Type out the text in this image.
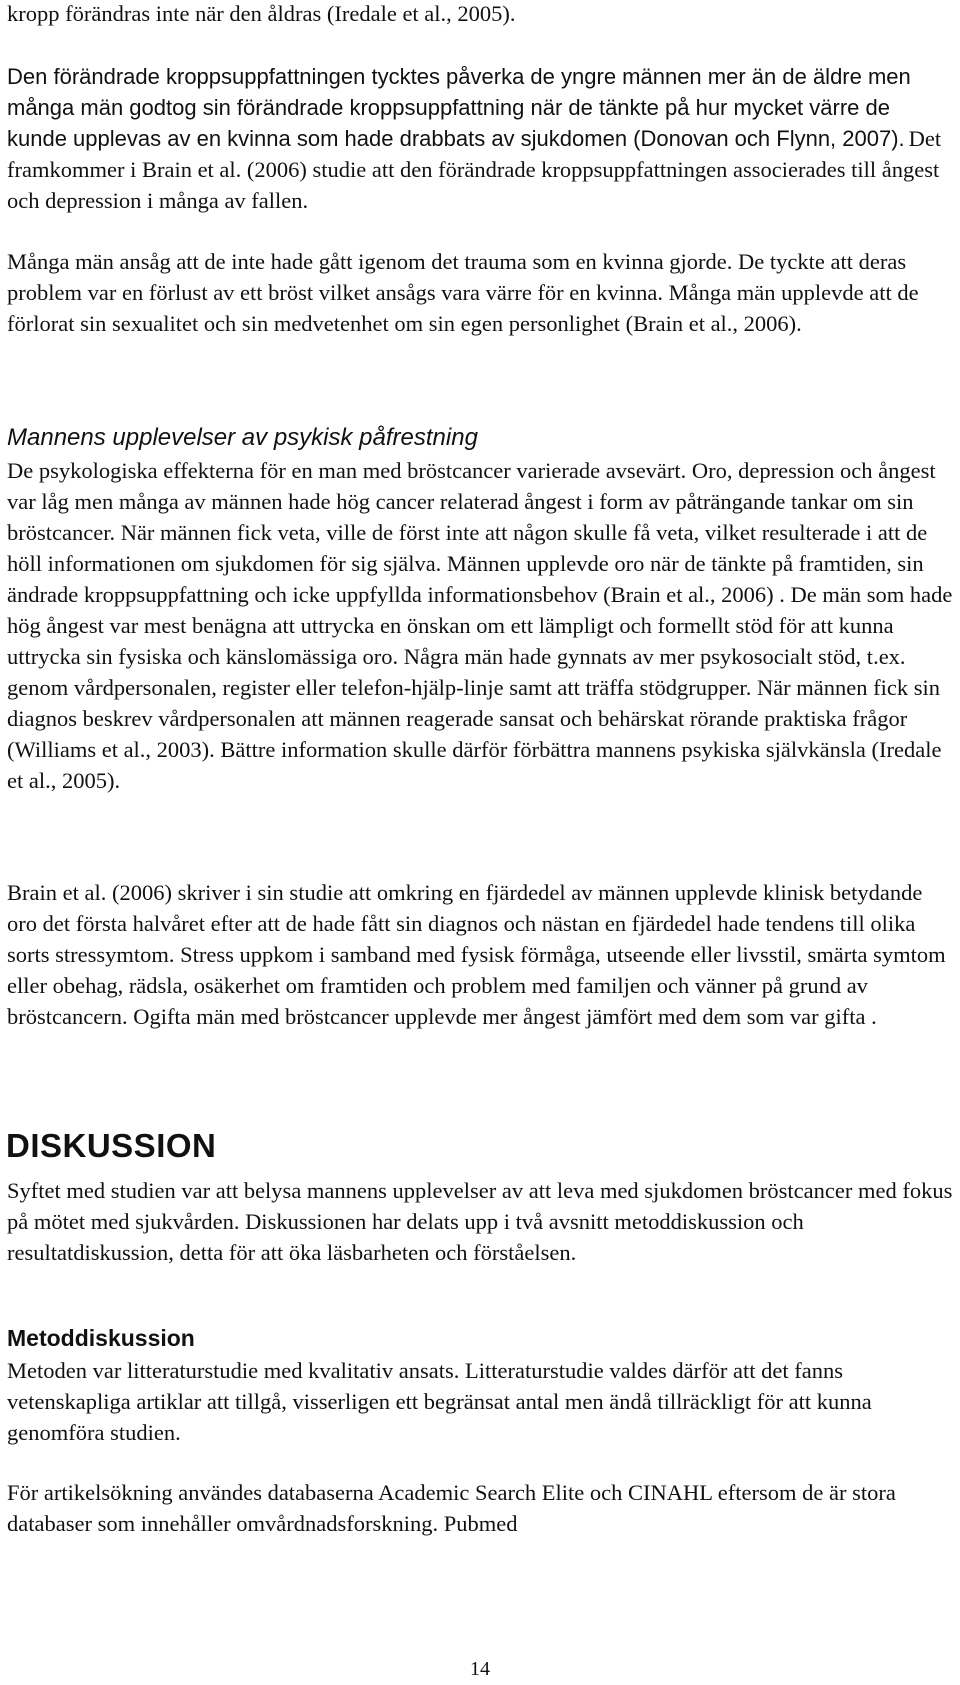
kropp förändras inte när den åldras (Iredale et al., 2005).

Den förändrade kroppsuppfattningen tycktes påverka de yngre männen mer än de äldre men många män godtog sin förändrade kroppsuppfattning när de tänkte på hur mycket värre de kunde upplevas av en kvinna som hade drabbats av sjukdomen (Donovan och Flynn, 2007). Det framkommer i Brain et al. (2006) studie att den förändrade kroppsuppfattningen associerades till ångest och depression i många av fallen.

Många män ansåg att de inte hade gått igenom det trauma som en kvinna gjorde. De tyckte att deras problem var en förlust av ett bröst vilket ansågs vara värre för en kvinna. Många män upplevde att de förlorat sin sexualitet och sin medvetenhet om sin egen personlighet (Brain et al., 2006).

Mannens upplevelser av psykisk påfrestning

De psykologiska effekterna för en man med bröstcancer varierade avsevärt. Oro, depression och ångest var låg men många av männen hade hög cancer relaterad ångest i form av påträngande tankar om sin bröstcancer. När männen fick veta, ville de först inte att någon skulle få veta, vilket resulterade i att de höll informationen om sjukdomen för sig själva. Männen upplevde oro när de tänkte på framtiden, sin ändrade kroppsuppfattning och icke uppfyllda informationsbehov (Brain et al., 2006) . De män som hade hög ångest var mest benägna att uttrycka en önskan om ett lämpligt och formellt stöd för att kunna uttrycka sin fysiska och känslomässiga oro. Några män hade gynnats av mer psykosocialt stöd, t.ex. genom vårdpersonalen, register eller telefon-hjälp-linje samt att träffa stödgrupper. När männen fick sin diagnos beskrev vårdpersonalen att männen reagerade sansat och behärskat rörande praktiska frågor (Williams et al., 2003). Bättre information skulle därför förbättra mannens psykiska självkänsla (Iredale et al., 2005).

Brain et al. (2006) skriver i sin studie att omkring en fjärdedel av männen upplevde klinisk betydande oro det första halvåret efter att de hade fått sin diagnos och nästan en fjärdedel hade tendens till olika sorts stressymtom. Stress uppkom i samband med fysisk förmåga, utseende eller livsstil, smärta symtom eller obehag, rädsla, osäkerhet om framtiden och problem med familjen och vänner på grund av bröstcancern. Ogifta män med bröstcancer upplevde mer ångest jämfört med dem som var gifta .

DISKUSSION

Syftet med studien var att belysa mannens upplevelser av att leva med sjukdomen bröstcancer med fokus på mötet med sjukvården. Diskussionen har delats upp i två avsnitt metoddiskussion och resultatdiskussion, detta för att öka läsbarheten och förståelsen.

Metoddiskussion

Metoden var litteraturstudie med kvalitativ ansats. Litteraturstudie valdes därför att det fanns vetenskapliga artiklar att tillgå, visserligen ett begränsat antal men ändå tillräckligt för att kunna genomföra studien.

För artikelsökning användes databaserna Academic Search Elite och CINAHL eftersom de är stora databaser som innehåller omvårdnadsforskning. Pubmed

14
